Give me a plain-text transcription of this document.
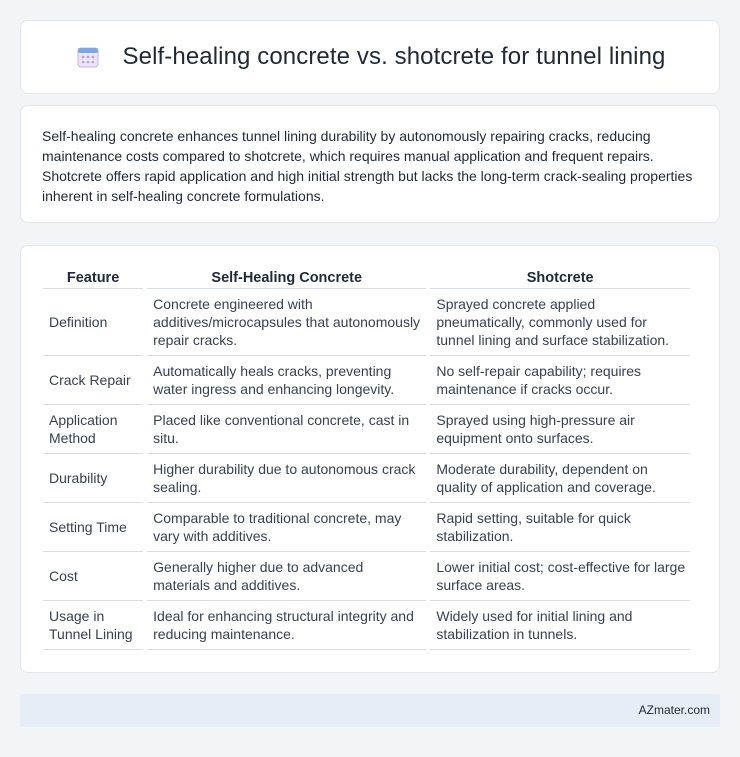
Self-healing concrete vs. shotcrete for tunnel lining

Self-healing concrete enhances tunnel lining durability by autonomously repairing cracks, reducing maintenance costs compared to shotcrete, which requires manual application and frequent repairs. Shotcrete offers rapid application and high initial strength but lacks the long-term crack-sealing properties inherent in self-healing concrete formulations.

Feature	Self-Healing Concrete	Shotcrete
Definition	Concrete engineered with additives/microcapsules that autonomously repair cracks.	Sprayed concrete applied pneumatically, commonly used for tunnel lining and surface stabilization.
Crack Repair	Automatically heals cracks, preventing water ingress and enhancing longevity.	No self-repair capability; requires maintenance if cracks occur.
Application Method	Placed like conventional concrete, cast in situ.	Sprayed using high-pressure air equipment onto surfaces.
Durability	Higher durability due to autonomous crack sealing.	Moderate durability, dependent on quality of application and coverage.
Setting Time	Comparable to traditional concrete, may vary with additives.	Rapid setting, suitable for quick stabilization.
Cost	Generally higher due to advanced materials and additives.	Lower initial cost; cost-effective for large surface areas.
Usage in Tunnel Lining	Ideal for enhancing structural integrity and reducing maintenance.	Widely used for initial lining and stabilization in tunnels.
AZmater.com
